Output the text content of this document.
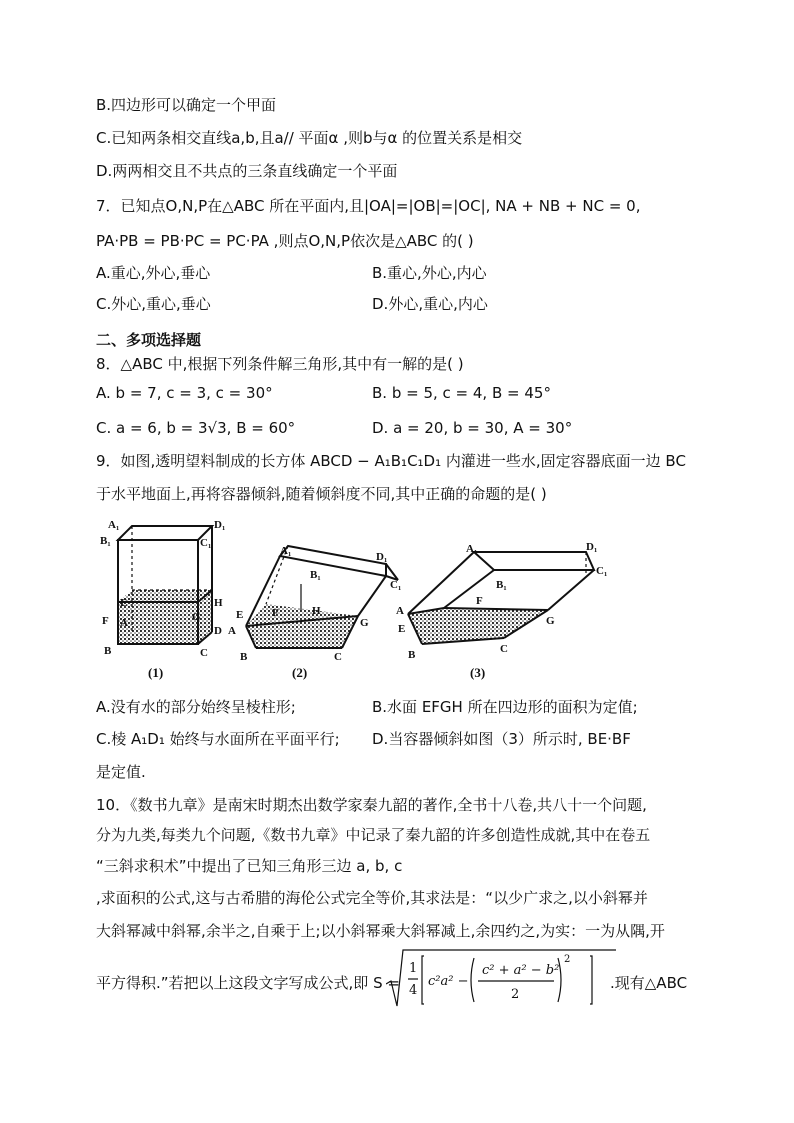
B.四边形可以确定一个甲面
C.已知两条相交直线a,b,且a// 平面α ,则b与α 的位置关系是相交
D.两两相交且不共点的三条直线确定一个平面
7．已知点O,N,P在△ABC 所在平面内,且|OA|=|OB|=|OC|, NA + NB + NC = 0,
PA·PB = PB·PC = PC·PA ,则点O,N,P依次是△ABC 的( )
A.重心,外心,垂心	B.重心,外心,内心
C.外心,重心,垂心	D.外心,重心,内心
二、多项选择题
8．△ABC 中,根据下列条件解三角形,其中有一解的是( )
A. b = 7, c = 3, c = 30°	B. b = 5, c = 4, B = 45°
C. a = 6, b = 3√3, B = 60°	D. a = 20, b = 30, A = 30°
9．如图,透明望料制成的长方体 ABCD − A₁B₁C₁D₁ 内灌进一些水,固定容器底面一边 BC
于水平地面上,再将容器倾斜,随着倾斜度不同,其中正确的命题的是( )
A₁	D₁
B₁	C₁
E
F
H
G
A
D
B	C
A₁	D₁
C₁
B₁
H
E	F
A
G
B	C
A₁	D₁
B₁
C₁
F
G
A
E
B	C
(1)	(2)	(3)
A.没有水的部分始终呈棱柱形;	B.水面 EFGH 所在四边形的面积为定值;
C.棱 A₁D₁ 始终与水面所在平面平行; D.当容器倾斜如图（3）所示时, BE·BF
是定值.
10．《数书九章》是南宋时期杰出数学家秦九韶的著作,全书十八卷,共八十一个问题,
分为九类,每类九个问题,《数书九章》中记录了秦九韶的许多创造性成就,其中在卷五
“三斜求积术”中提出了已知三角形三边 a, b, c
,求面积的公式,这与古希腊的海伦公式完全等价,其求法是：“以少广求之,以小斜幂并
大斜幂减中斜幂,余半之,自乘于上;以小斜幂乘大斜幂减上,余四约之,为实：一为从隅,开
平方得积.”若把以上这段文字写成公式,即 S =
1
4
c²a² −
c² + a² − b²
2
2
.现有△ABC
